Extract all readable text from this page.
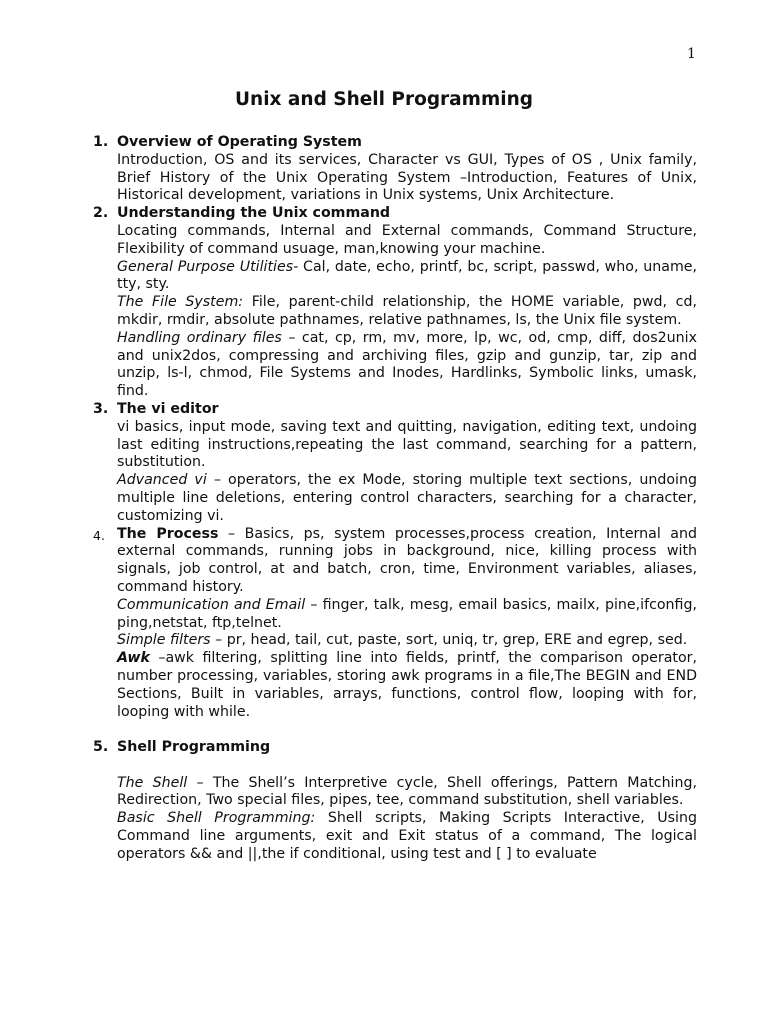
1
Unix and Shell Programming
1. Overview of Operating System
Introduction, OS and its services, Character vs GUI, Types of OS , Unix family, Brief History of the Unix Operating System –Introduction, Features of Unix, Historical development, variations in Unix systems, Unix Architecture.
2. Understanding the Unix command
Locating commands, Internal and External commands, Command Structure, Flexibility of command usuage, man,knowing your machine.
General Purpose Utilities- Cal, date, echo, printf, bc, script, passwd, who, uname, tty, sty.
The File System: File, parent-child relationship, the HOME variable, pwd, cd, mkdir, rmdir, absolute pathnames, relative pathnames, ls, the Unix file system.
Handling ordinary files – cat, cp, rm, mv, more, lp, wc, od, cmp, diff, dos2unix and unix2dos, compressing and archiving files, gzip and gunzip, tar, zip and unzip, ls-l, chmod, File Systems and Inodes, Hardlinks, Symbolic links, umask, find.
3. The vi editor
vi basics, input mode, saving text and quitting, navigation, editing text, undoing last editing instructions,repeating the last command, searching for a pattern, substitution.
Advanced vi – operators, the ex Mode, storing multiple text sections, undoing multiple line deletions, entering control characters, searching for a character, customizing vi.
4. The Process – Basics, ps, system processes,process creation, Internal and external commands, running jobs in background, nice, killing process with signals, job control, at and batch, cron, time, Environment variables, aliases, command history.
Communication and Email – finger, talk, mesg, email basics, mailx, pine,ifconfig, ping,netstat, ftp,telnet.
Simple filters – pr, head, tail, cut, paste, sort, uniq, tr, grep, ERE and egrep, sed.
Awk –awk filtering, splitting line into fields, printf, the comparison operator, number processing, variables, storing awk programs in a file,The BEGIN and END Sections, Built in variables, arrays, functions, control flow, looping with for, looping with while.
5. Shell Programming
The Shell – The Shell’s Interpretive cycle, Shell offerings, Pattern Matching, Redirection, Two special files, pipes, tee, command substitution, shell variables.
Basic Shell Programming: Shell scripts, Making Scripts Interactive, Using Command line arguments, exit and Exit status of a command, The logical operators && and ||,the if conditional, using test and [ ] to evaluate
